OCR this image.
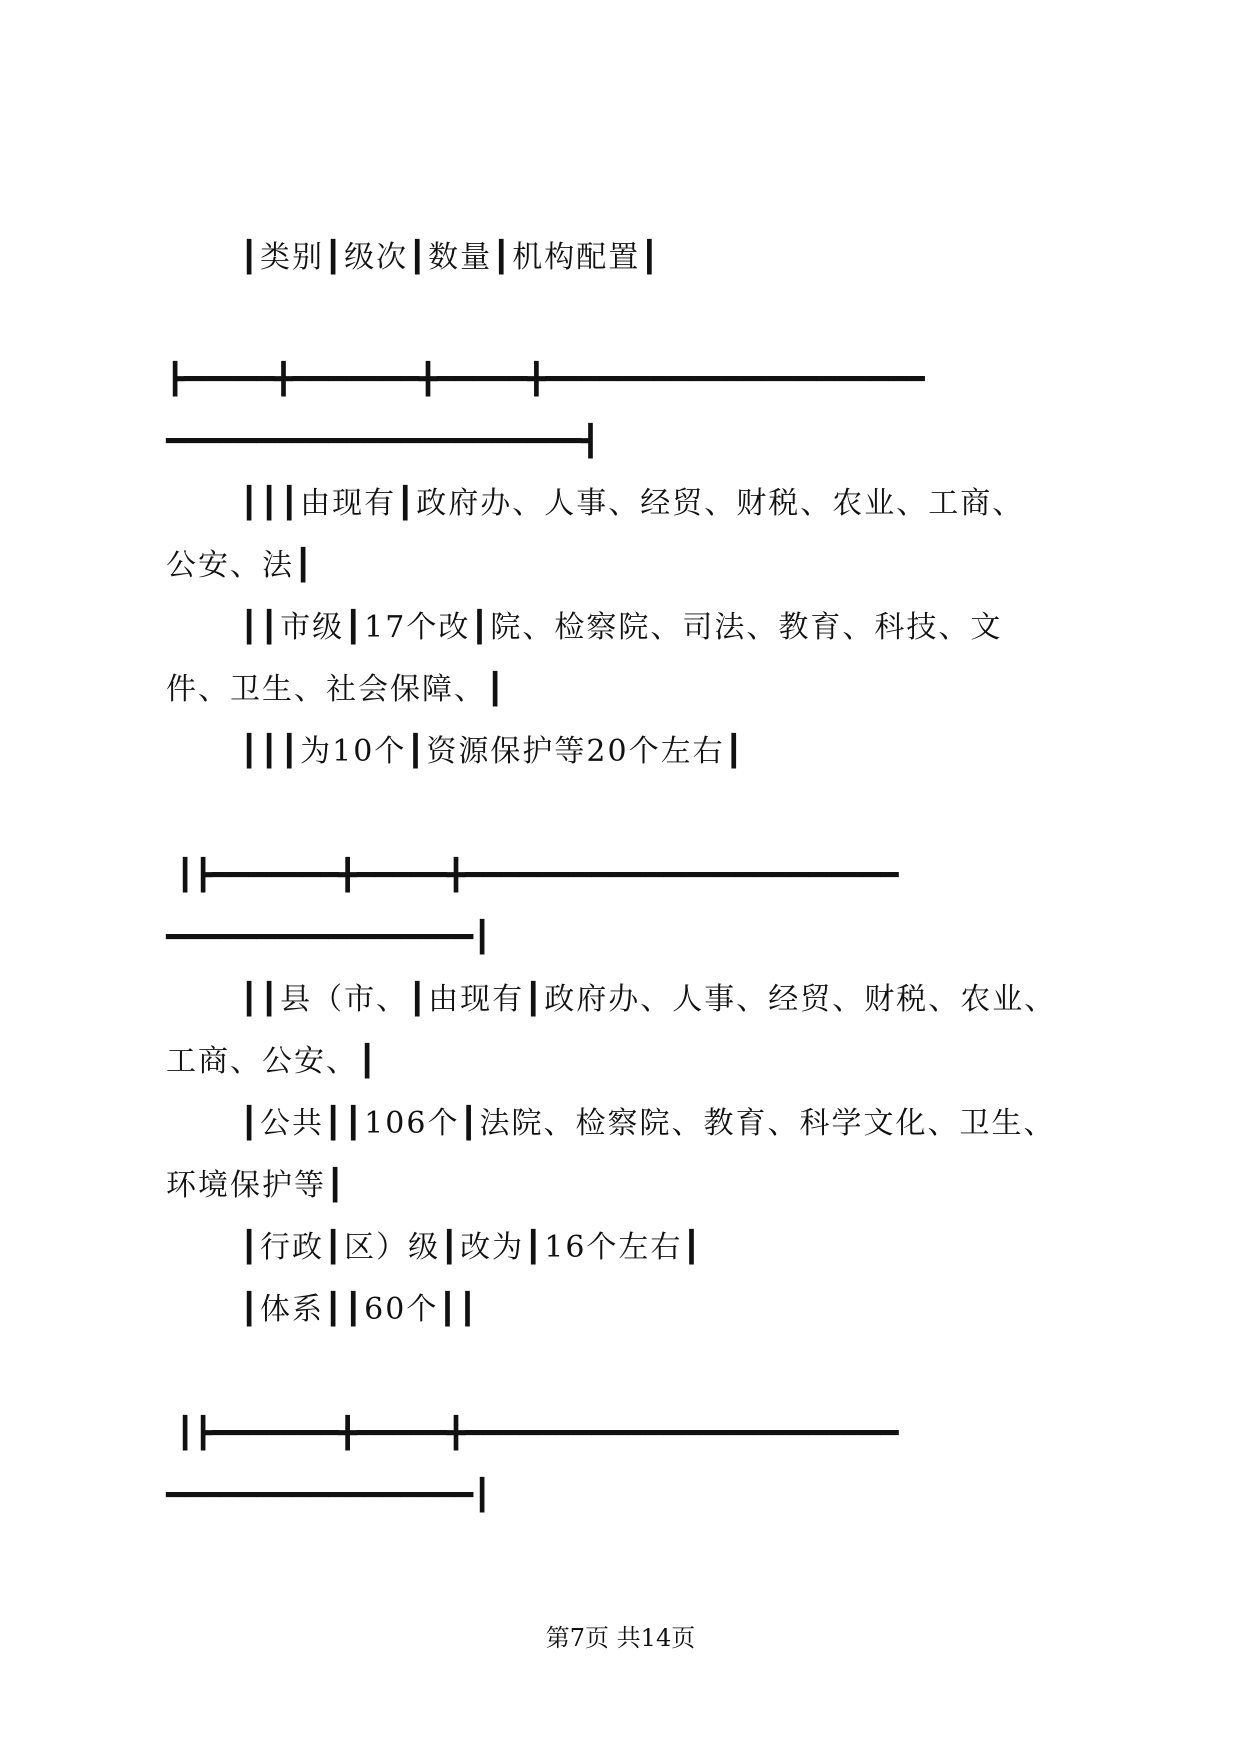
┃类别┃级次┃数量┃机构配置┃
┣━━━━━╋━━━━━━━╋━━━━━╋━━━━━━━━━━━━━━━━━━━━━
━━━━━━━━━━━━━━━━━━━━━━━┫
┃┃┃由现有┃政府办、人事、经贸、财税、农业、工商、
公安、法┃
┃┃市级┃17个改┃院、检察院、司法、教育、科技、文
件、卫生、社会保障、┃
┃┃┃为10个┃资源保护等20个左右┃
┃┣━━━━━━━╋━━━━━╋━━━━━━━━━━━━━━━━━━━━━━━━
━━━━━━━━━━━━━━━━━┃
┃┃县（市、┃由现有┃政府办、人事、经贸、财税、农业、
工商、公安、┃
┃公共┃┃106个┃法院、检察院、教育、科学文化、卫生、
环境保护等┃
┃行政┃区）级┃改为┃16个左右┃
┃体系┃┃60个┃┃
┃┣━━━━━━━╋━━━━━╋━━━━━━━━━━━━━━━━━━━━━━━━
━━━━━━━━━━━━━━━━━┃
第7页 共14页
